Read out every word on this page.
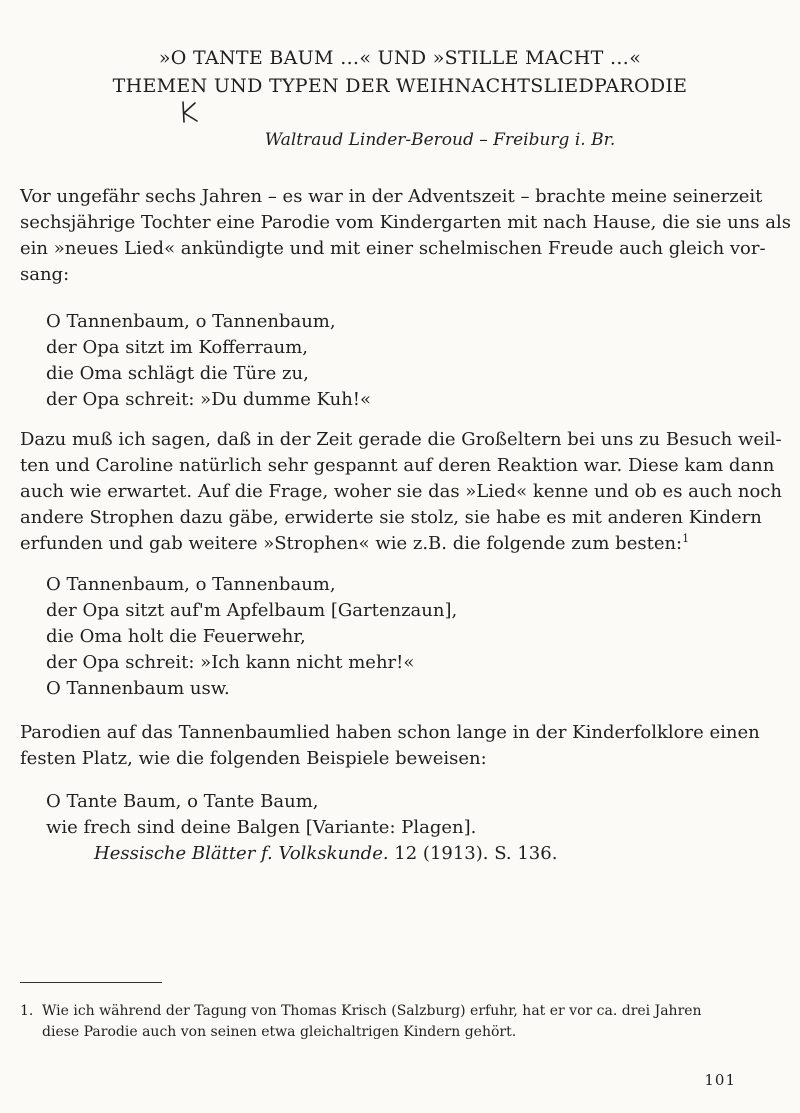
»O TANTE BAUM …« UND »STILLE MACHT …«
THEMEN UND TYPEN DER WEIHNACHTSLIEDPARODIE
Waltraud Linder-Beroud – Freiburg i. Br.
Vor ungefähr sechs Jahren – es war in der Adventszeit – brachte meine seinerzeit
sechsjährige Tochter eine Parodie vom Kindergarten mit nach Hause, die sie uns als
ein »neues Lied« ankündigte und mit einer schelmischen Freude auch gleich vor-
sang:
O Tannenbaum, o Tannenbaum,
der Opa sitzt im Kofferraum,
die Oma schlägt die Türe zu,
der Opa schreit: »Du dumme Kuh!«
Dazu muß ich sagen, daß in der Zeit gerade die Großeltern bei uns zu Besuch weil-
ten und Caroline natürlich sehr gespannt auf deren Reaktion war. Diese kam dann
auch wie erwartet. Auf die Frage, woher sie das »Lied« kenne und ob es auch noch
andere Strophen dazu gäbe, erwiderte sie stolz, sie habe es mit anderen Kindern
erfunden und gab weitere »Strophen« wie z.B. die folgende zum besten:$^1$
O Tannenbaum, o Tannenbaum,
der Opa sitzt auf'm Apfelbaum [Gartenzaun],
die Oma holt die Feuerwehr,
der Opa schreit: »Ich kann nicht mehr!«
O Tannenbaum usw.
Parodien auf das Tannenbaumlied haben schon lange in der Kinderfolklore einen
festen Platz, wie die folgenden Beispiele beweisen:
O Tante Baum, o Tante Baum,
wie frech sind deine Balgen [Variante: Plagen].
Hessische Blätter f. Volkskunde. 12 (1913). S. 136.
1. Wie ich während der Tagung von Thomas Krisch (Salzburg) erfuhr, hat er vor ca. drei Jahren diese Parodie auch von seinen etwa gleichaltrigen Kindern gehört.
101
